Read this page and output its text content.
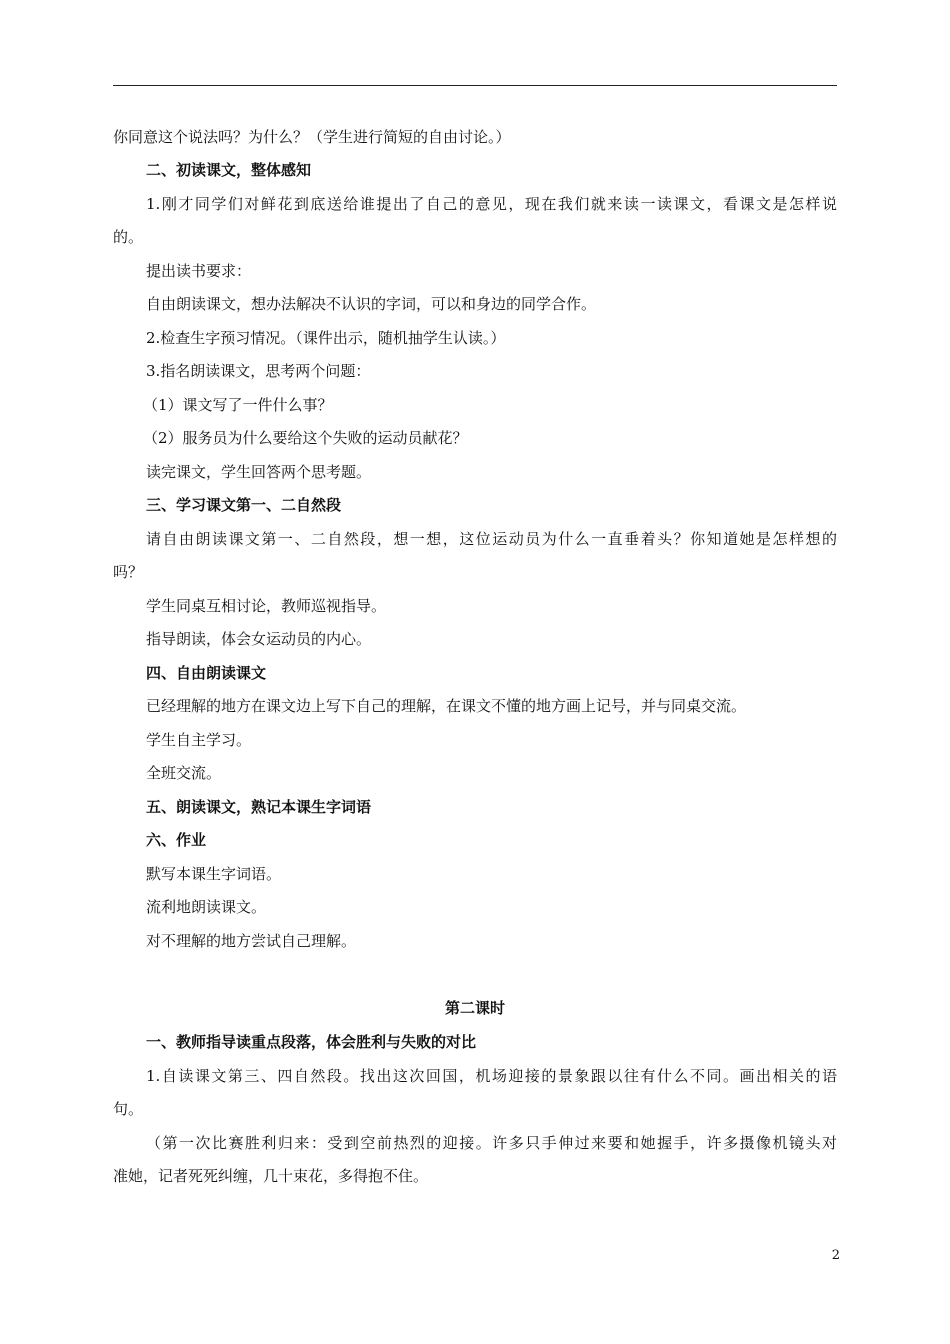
你同意这个说法吗？为什么？（学生进行简短的自由讨论。）
二、初读课文，整体感知
1.刚才同学们对鲜花到底送给谁提出了自己的意见，现在我们就来读一读课文，看课文是怎样说
的。
提出读书要求：
自由朗读课文，想办法解决不认识的字词，可以和身边的同学合作。
2.检查生字预习情况。（课件出示，随机抽学生认读。）
3.指名朗读课文，思考两个问题：
（1）课文写了一件什么事？
（2）服务员为什么要给这个失败的运动员献花？
读完课文，学生回答两个思考题。
三、学习课文第一、二自然段
请自由朗读课文第一、二自然段，想一想，这位运动员为什么一直垂着头？你知道她是怎样想的
吗？
学生同桌互相讨论，教师巡视指导。
指导朗读，体会女运动员的内心。
四、自由朗读课文
已经理解的地方在课文边上写下自己的理解，在课文不懂的地方画上记号，并与同桌交流。
学生自主学习。
全班交流。
五、朗读课文，熟记本课生字词语
六、作业
默写本课生字词语。
流利地朗读课文。
对不理解的地方尝试自己理解。
第二课时
一、教师指导读重点段落，体会胜利与失败的对比
1.自读课文第三、四自然段。找出这次回国，机场迎接的景象跟以往有什么不同。画出相关的语
句。
（第一次比赛胜利归来：受到空前热烈的迎接。许多只手伸过来要和她握手，许多摄像机镜头对
准她，记者死死纠缠，几十束花，多得抱不住。
2
